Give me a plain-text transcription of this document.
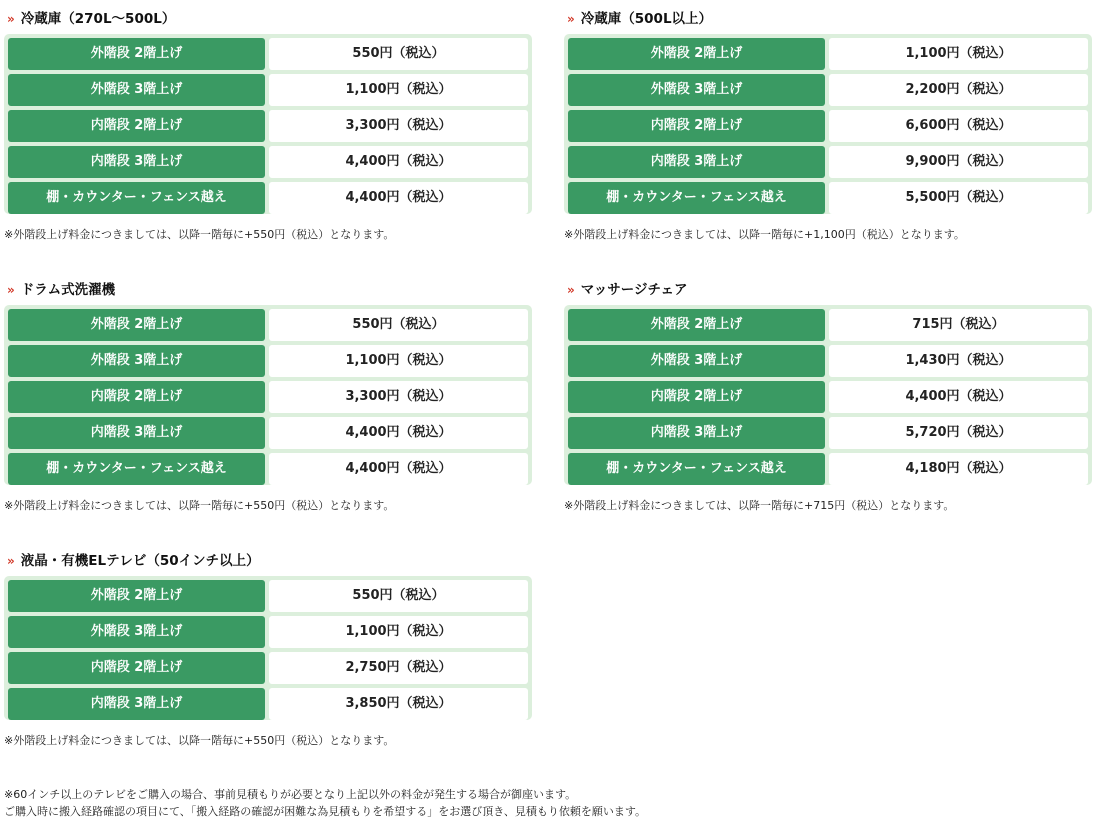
» 冷蔵庫（270L～500L）
外階段 2階上げ	550円（税込）
外階段 3階上げ	1,100円（税込）
内階段 2階上げ	3,300円（税込）
内階段 3階上げ	4,400円（税込）
棚・カウンター・フェンス越え	4,400円（税込）
※外階段上げ料金につきましては、以降一階毎に+550円（税込）となります。
» 冷蔵庫（500L以上）
外階段 2階上げ	1,100円（税込）
外階段 3階上げ	2,200円（税込）
内階段 2階上げ	6,600円（税込）
内階段 3階上げ	9,900円（税込）
棚・カウンター・フェンス越え	5,500円（税込）
※外階段上げ料金につきましては、以降一階毎に+1,100円（税込）となります。
» ドラム式洗濯機
外階段 2階上げ	550円（税込）
外階段 3階上げ	1,100円（税込）
内階段 2階上げ	3,300円（税込）
内階段 3階上げ	4,400円（税込）
棚・カウンター・フェンス越え	4,400円（税込）
※外階段上げ料金につきましては、以降一階毎に+550円（税込）となります。
» マッサージチェア
外階段 2階上げ	715円（税込）
外階段 3階上げ	1,430円（税込）
内階段 2階上げ	4,400円（税込）
内階段 3階上げ	5,720円（税込）
棚・カウンター・フェンス越え	4,180円（税込）
※外階段上げ料金につきましては、以降一階毎に+715円（税込）となります。
» 液晶・有機ELテレビ（50インチ以上）
外階段 2階上げ	550円（税込）
外階段 3階上げ	1,100円（税込）
内階段 2階上げ	2,750円（税込）
内階段 3階上げ	3,850円（税込）
※外階段上げ料金につきましては、以降一階毎に+550円（税込）となります。
※60インチ以上のテレビをご購入の場合、事前見積もりが必要となり上記以外の料金が発生する場合が御座います。
ご購入時に搬入経路確認の項目にて、「搬入経路の確認が困難な為見積もりを希望する」をお選び頂き、見積もり依頼を願います。
